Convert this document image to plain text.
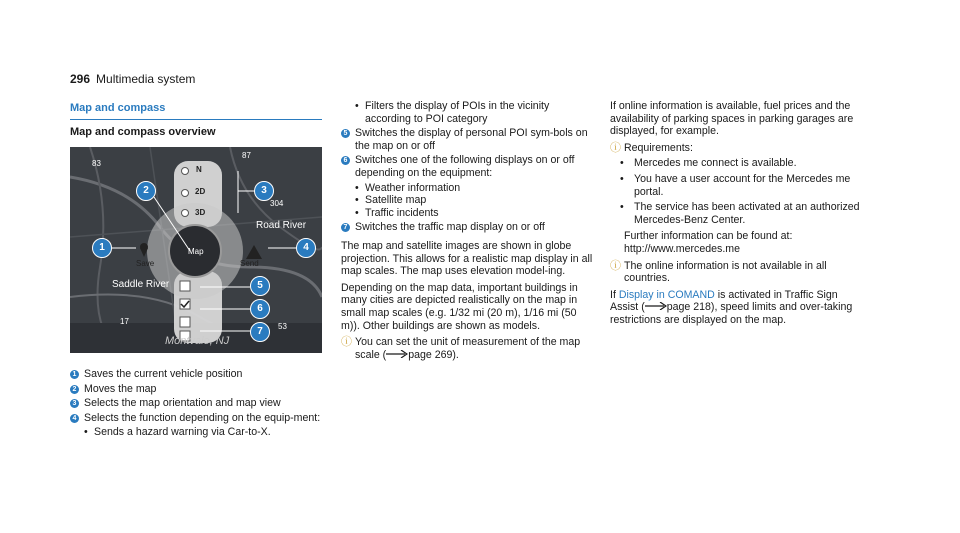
296 Multimedia system
Map and compass
Map and compass overview
83
87
304
17
53
Road River
Saddle River
Montvale, NJ
N
2D
3D
Save
Map
Send
1
2	3
4
5
6
7
1 Saves the current vehicle position
2 Moves the map
3 Selects the map orientation and map view
4 Selects the function depending on the equip-ment:
• Sends a hazard warning via Car-to-X.
• Filters the display of POIs in the vicinity according to POI category
5 Switches the display of personal POI sym-bols on the map on or off
6 Switches one of the following displays on or off depending on the equipment:
• Weather information
• Satellite map
• Traffic incidents
7 Switches the traffic map display on or off

The map and satellite images are shown in globe projection. This allows for a realistic map display in all map scales. The map uses elevation model-ing.

Depending on the map data, important buildings in many cities are depicted realistically on the map in small map scales (e.g. 1/32 mi (20 m), 1/16 mi (50 m)). Other buildings are shown as models.

ⓘ You can set the unit of measurement of the map scale ( page 269).

If online information is available, fuel prices and the availability of parking spaces in parking garages are displayed, for example.

ⓘ Requirements:
• Mercedes me connect is available.
• You have a user account for the Mercedes me portal.
• The service has been activated at an authorized Mercedes-Benz Center.

Further information can be found at: http://www.mercedes.me

ⓘ The online information is not available in all countries.

If Display in COMAND is activated in Traffic Sign Assist ( page 218), speed limits and over-taking restrictions are displayed on the map.
